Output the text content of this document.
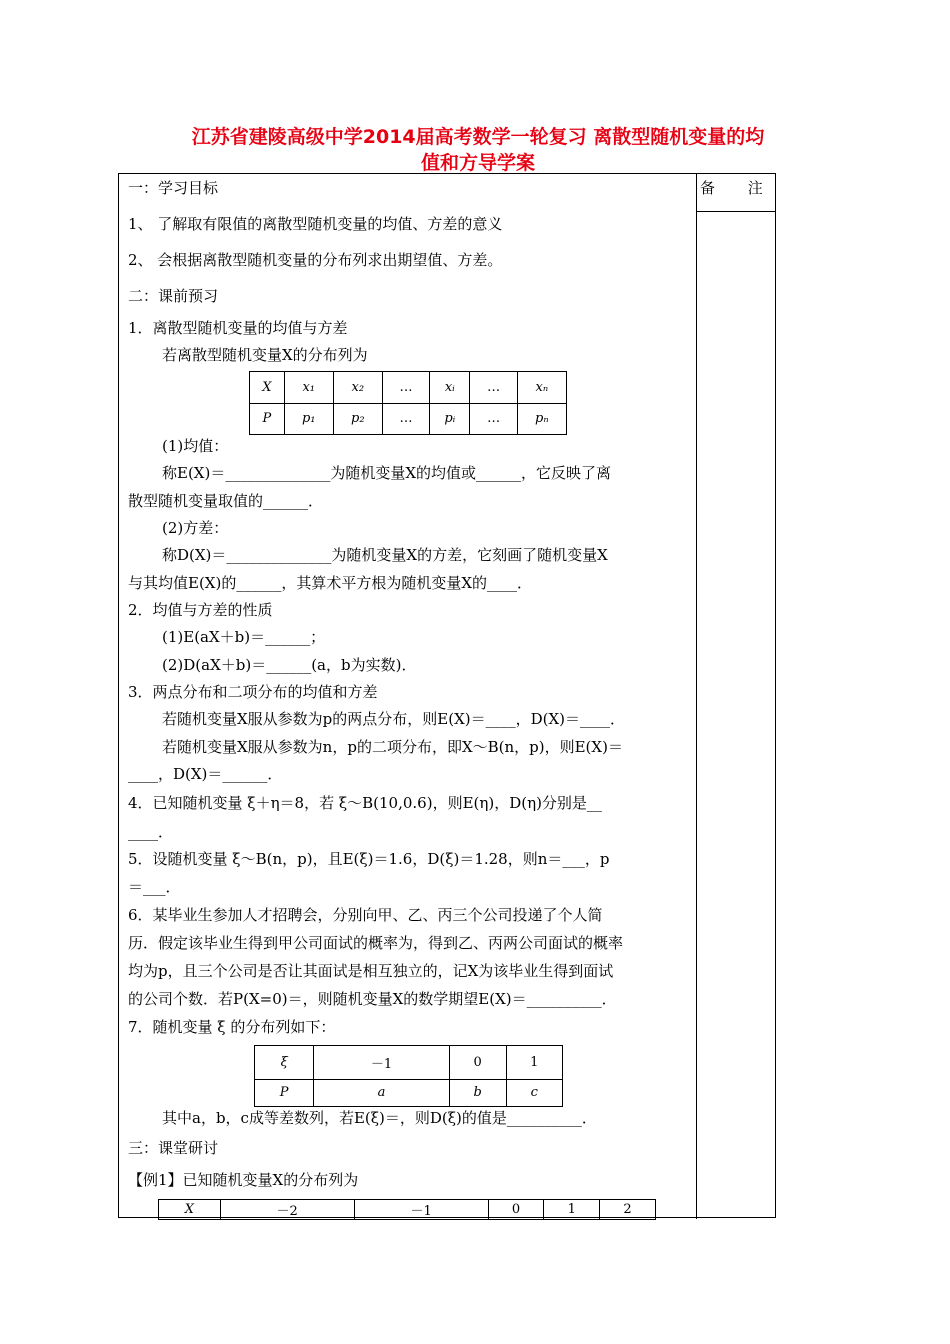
江苏省建陵高级中学2014届高考数学一轮复习 离散型随机变量的均
值和方导学案
备 注
一：学习目标
1、 了解取有限值的离散型随机变量的均值、方差的意义
2、 会根据离散型随机变量的分布列求出期望值、方差。
二：课前预习
1．离散型随机变量的均值与方差
若离散型随机变量X的分布列为
X	x₁	x₂	…	xᵢ	…	xₙ
P	p₁	p₂	…	pᵢ	…	pₙ
(1)均值：
称E(X)＝______________为随机变量X的均值或______，它反映了离
散型随机变量取值的______．
(2)方差：
称D(X)＝______________为随机变量X的方差，它刻画了随机变量X
与其均值E(X)的______，其算术平方根为随机变量X的____．
2．均值与方差的性质
(1)E(aX＋b)＝______；
(2)D(aX＋b)＝______(a，b为实数)．
3．两点分布和二项分布的均值和方差
若随机变量X服从参数为p的两点分布，则E(X)＝____，D(X)＝____．
若随机变量X服从参数为n，p的二项分布，即X～B(n，p)，则E(X)＝
____，D(X)＝______．
4．已知随机变量 ξ＋η＝8，若 ξ～B(10,0.6)，则E(η)，D(η)分别是__
____．
5．设随机变量 ξ～B(n，p)，且E(ξ)＝1.6，D(ξ)＝1.28，则n＝___，p
＝___．
6．某毕业生参加人才招聘会，分别向甲、乙、丙三个公司投递了个人简
历．假定该毕业生得到甲公司面试的概率为，得到乙、丙两公司面试的概率
均为p，且三个公司是否让其面试是相互独立的，记X为该毕业生得到面试
的公司个数．若P(X=0)＝，则随机变量X的数学期望E(X)＝__________．
7．随机变量 ξ 的分布列如下：
ξ	－1	0	1
P	a	b	c
其中a，b，c成等差数列，若E(ξ)＝，则D(ξ)的值是__________．
三：课堂研讨
【例1】已知随机变量X的分布列为
X	－2	－1	0	1	2
